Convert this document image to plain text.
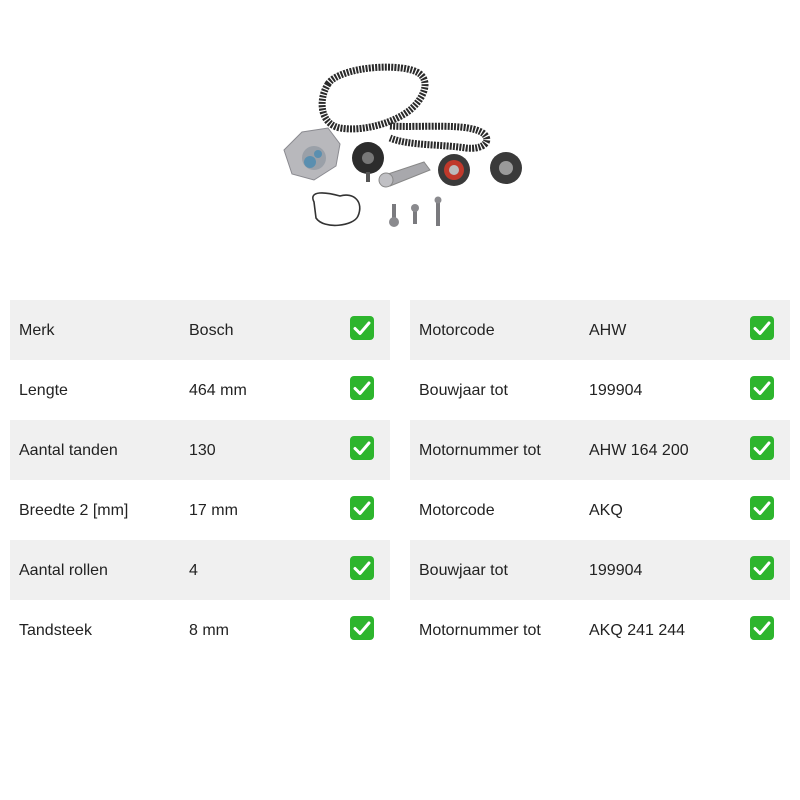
Merk	Bosch
Lengte	464 mm
Aantal tanden	130
Breedte 2 [mm]	17 mm
Aantal rollen	4
Tandsteek	8 mm
Motorcode	AHW
Bouwjaar tot	199904
Motornummer tot	AHW 164 200
Motorcode	AKQ
Bouwjaar tot	199904
Motornummer tot	AKQ 241 244
